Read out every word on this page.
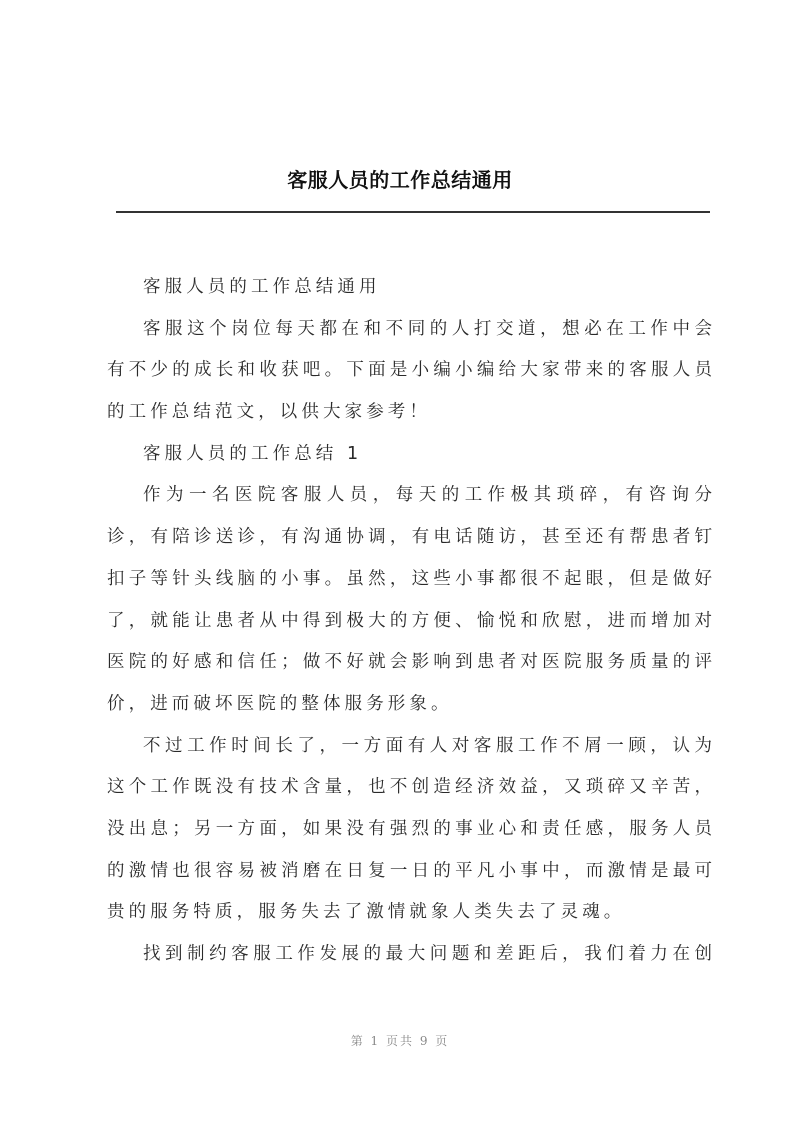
客服人员的工作总结通用
客服人员的工作总结通用
客服这个岗位每天都在和不同的人打交道，想必在工作中会
有不少的成长和收获吧。下面是小编小编给大家带来的客服人员
的工作总结范文，以供大家参考！
客服人员的工作总结 1
作为一名医院客服人员，每天的工作极其琐碎，有咨询分
诊，有陪诊送诊，有沟通协调，有电话随访，甚至还有帮患者钉
扣子等针头线脑的小事。虽然，这些小事都很不起眼，但是做好
了，就能让患者从中得到极大的方便、愉悦和欣慰，进而增加对
医院的好感和信任；做不好就会影响到患者对医院服务质量的评
价，进而破坏医院的整体服务形象。
不过工作时间长了，一方面有人对客服工作不屑一顾，认为
这个工作既没有技术含量，也不创造经济效益，又琐碎又辛苦，
没出息；另一方面，如果没有强烈的事业心和责任感，服务人员
的激情也很容易被消磨在日复一日的平凡小事中，而激情是最可
贵的服务特质，服务失去了激情就象人类失去了灵魂。
找到制约客服工作发展的最大问题和差距后，我们着力在创
第 1 页共 9 页
